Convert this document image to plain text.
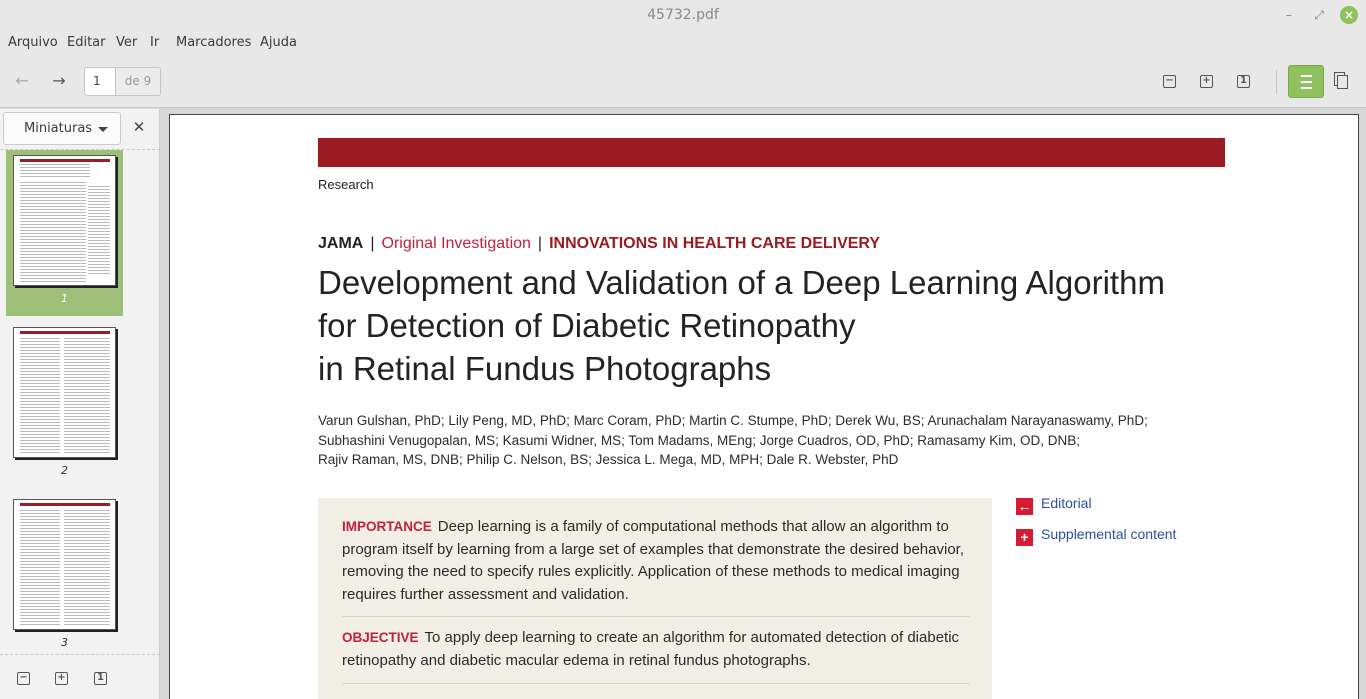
45732.pdf	–	⤢	×
Arquivo Editar Ver Ir Marcadores Ajuda
←	→	1	de 9	−	+	1
Miniaturas	✕
1
2
3
−	+	1
Research
JAMA | Original Investigation | INNOVATIONS IN HEALTH CARE DELIVERY
Development and Validation of a Deep Learning Algorithm
for Detection of Diabetic Retinopathy
in Retinal Fundus Photographs
Varun Gulshan, PhD; Lily Peng, MD, PhD; Marc Coram, PhD; Martin C. Stumpe, PhD; Derek Wu, BS; Arunachalam Narayanaswamy, PhD;
Subhashini Venugopalan, MS; Kasumi Widner, MS; Tom Madams, MEng; Jorge Cuadros, OD, PhD; Ramasamy Kim, OD, DNB;
Rajiv Raman, MS, DNB; Philip C. Nelson, BS; Jessica L. Mega, MD, MPH; Dale R. Webster, PhD
IMPORTANCE Deep learning is a family of computational methods that allow an algorithm to program itself by learning from a large set of examples that demonstrate the desired behavior, removing the need to specify rules explicitly. Application of these methods to medical imaging requires further assessment and validation.
OBJECTIVE To apply deep learning to create an algorithm for automated detection of diabetic retinopathy and diabetic macular edema in retinal fundus photographs.
← Editorial
+ Supplemental content
